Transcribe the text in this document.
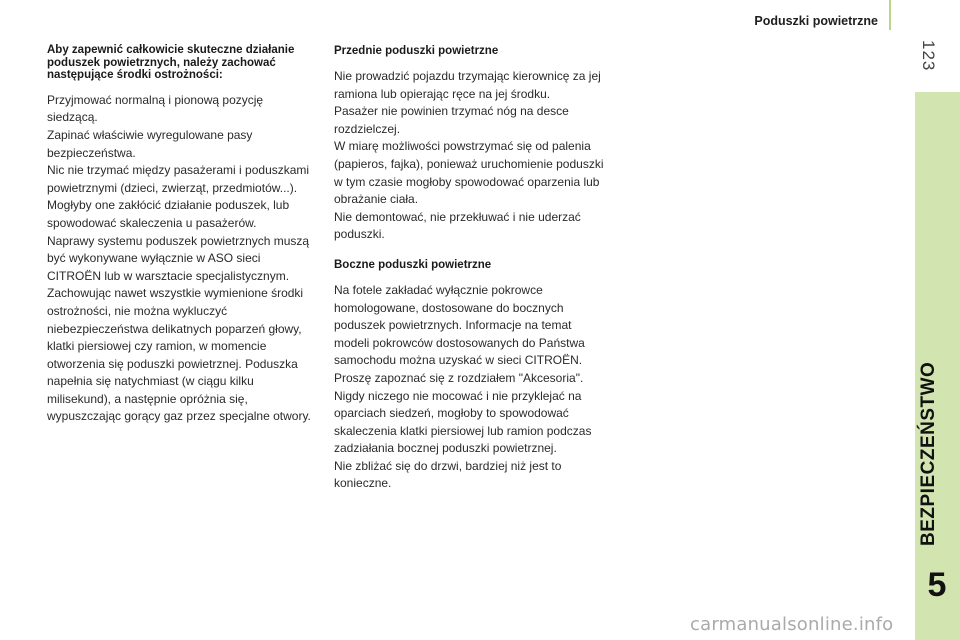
Poduszki powietrzne
123
BEZPIECZEŃSTWO
5

Aby zapewnić całkowicie skuteczne działanie poduszek powietrznych, należy zachować następujące środki ostrożności:

Przyjmować normalną i pionową pozycję siedzącą.
Zapinać właściwie wyregulowane pasy bezpieczeństwa.
Nic nie trzymać między pasażerami i poduszkami powietrznymi (dzieci, zwierząt, przedmiotów...).
Mogłyby one zakłócić działanie poduszek, lub spowodować skaleczenia u pasażerów.
Naprawy systemu poduszek powietrznych muszą być wykonywane wyłącznie w ASO sieci CITROËN lub w warsztacie specjalistycznym.
Zachowując nawet wszystkie wymienione środki ostrożności, nie można wykluczyć niebezpieczeństwa delikatnych poparzeń głowy, klatki piersiowej czy ramion, w momencie otworzenia się poduszki powietrznej. Poduszka napełnia się natychmiast (w ciągu kilku milisekund), a następnie opróżnia się, wypuszczając gorący gaz przez specjalne otwory.

Przednie poduszki powietrzne

Nie prowadzić pojazdu trzymając kierownicę za jej ramiona lub opierając ręce na jej środku.
Pasażer nie powinien trzymać nóg na desce rozdzielczej.
W miarę możliwości powstrzymać się od palenia (papieros, fajka), ponieważ uruchomienie poduszki w tym czasie mogłoby spowodować oparzenia lub obrażanie ciała.
Nie demontować, nie przekłuwać i nie uderzać poduszki.

Boczne poduszki powietrzne

Na fotele zakładać wyłącznie pokrowce homologowane, dostosowane do bocznych poduszek powietrznych. Informacje na temat modeli pokrowców dostosowanych do Państwa samochodu można uzyskać w sieci CITROËN. Proszę zapoznać się z rozdziałem "Akcesoria".
Nigdy niczego nie mocować i nie przyklejać na oparciach siedzeń, mogłoby to spowodować skaleczenia klatki piersiowej lub ramion podczas zadziałania bocznej poduszki powietrznej.
Nie zbliżać się do drzwi, bardziej niż jest to konieczne.

carmanualsonline.info
